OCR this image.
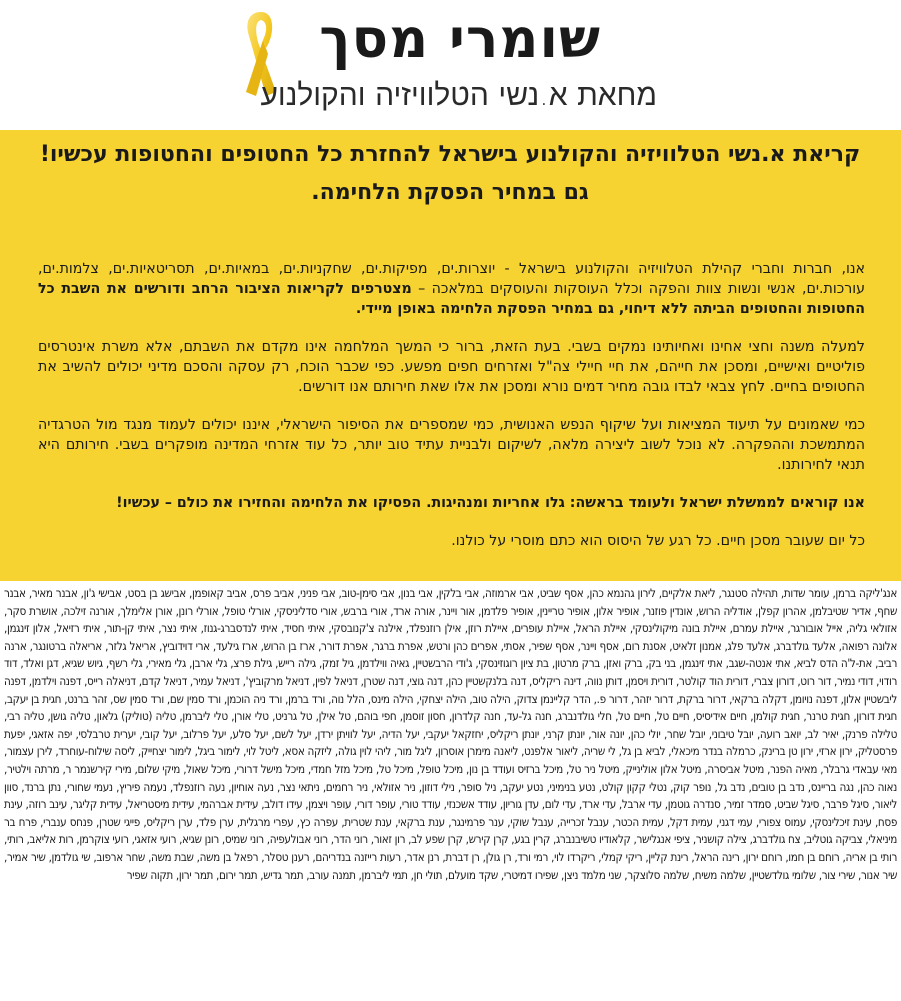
שומרי מסך
מחאת א.נשי הטלוויזיה והקולנוע
קריאת א.נשי הטלוויזיה והקולנוע בישראל להחזרת כל החטופים והחטופות עכשיו!
גם במחיר הפסקת הלחימה.

אנו, חברות וחברי קהילת הטלוויזיה והקולנוע בישראל - יוצרות.ים, מפיקות.ים, שחקניות.ים, במאיות.ים, תסריטאיות.ים, צלמות.ים, עורכות.ים, אנשי ונשות צוות והפקה וכלל העוסקות והעוסקים במלאכה – מצטרפים לקריאות הציבור הרחב ודורשים את השבת כל החטופות והחטופים הביתה ללא דיחוי, גם במחיר הפסקת הלחימה באופן מיידי.

למעלה משנה וחצי אחינו ואחיותינו נמקים בשבי. בעת הזאת, ברור כי המשך המלחמה אינו מקדם את השבתם, אלא משרת אינטרסים פוליטיים ואישיים, ומסכן את חייהם, את חיי חיילי צה"ל ואזרחים חפים מפשע. כפי שכבר הוכח, רק עסקה והסכם מדיני יכולים להשיב את החטופים בחיים. לחץ צבאי לבדו גובה מחיר דמים נורא ומסכן את אלו שאת חירותם אנו דורשים.

כמי שאמונים על תיעוד המציאות ועל שיקוף הנפש האנושית, כמי שמספרים את הסיפור הישראלי, איננו יכולים לעמוד מנגד מול הטרגדיה המתמשכת וההפקרה. לא נוכל לשוב ליצירה מלאה, לשיקום ולבניית עתיד טוב יותר, כל עוד אזרחי המדינה מופקרים בשבי. חירותם היא תנאי לחירותנו.

אנו קוראים לממשלת ישראל ולעומד בראשה: גלו אחריות ומנהיגות. הפסיקו את הלחימה והחזירו את כולם – עכשיו!

כל יום שעובר מסכן חיים. כל רגע של היסוס הוא כתם מוסרי על כולנו.

אנג'ליקה ברמן, עומר שדות, תהילה סטנגר, ליאת אלקיים, לירון גהנמא כהן, אסף שביט, אבי ארמוזה, אבי בלקין, אבי בנון, אבי סימן-טוב, אבי פניני, אביב פרס, אביב קאופמן, אבישג בן בסט, אבישי ג'ון, אבנר מאיר, אבנר שחף, אדיר שטיבלמן, אהרון קפלן, אודליה הרוש, אונדין פוזנר, אופיר אלון, אופיר טריינין, אופיר פלדמן, אור ויינר, אורה ארד, אורי ברבש, אורי סדליניסקי, אורלי טופל, אורלי רונן, אורן אלימלך, אורנה זילכה, אושרת סקר, אזולאי גליה, אייל אובורגר, איילת עמרם, איילת בונה מיקולינסקי, איילת הראל, איילת עופרים, איילת רוזן, אילן רוזנפלד, אילנה צ'קנובסקי, איתי חסיד, איתי לנדסברג-גנוז, איתי נצר, איתי קן-תור, איתי רזיאל, אלון זינגמן, אלונה רפואה, אלעד גולדברג, אלעד פלג, אמנון זלאיט, אסנת רום, אסף ויינר, אסף שפיר, אסתי, אפרים כהן ורטש, אפרת ברגר, אפרת דורר, ארז בן הרוש, ארז גילעד, ארי דוידוביץ, אריאל גלזר, אריאלה ברטונגר, ארנה רביב, את-ל'ה הדס לביא, אתי אנטה-שגב, אתי זינגמן, בני בק, ברק ואזן, ברק מרטון, בת ציון רוגוזינסקי, ג'ודי הרבשטיין, גאיה ווילדמן, גיל זמק, גילה רייש, גילת פרצ, גלי ארבן, גלי מאירי, גלי רשף, גיוש שגיא, דגן ואלד, דוד רודוי, דודי נמיר, דור רוט, דורון צברי, דורית הוד קולטר, דורית ויסמן, דותן נווה, דינה ריקליס, דנה בלנקשטיין כהן, דנה גוצי, דנה שטרן, דניאל לפין, דניאל מרקוביץ', דניאל עמיר, דניאל קדם, דניאלה רייס, דפנה וילדמן, דפנה ליבשטיין אלון, דפנה נויומן, דקלה ברקאי, דרור ברקת, דרור יזהר, דרור פ., הדר קליינמן צדוק, הילה טוב, הילה יצחקי, הילה מינס, הלל נוה, ורד ברמן, ורד ניה הוכמן, ורד סמין שם, ורד סמין שס, זהר ברנט, חגית בן יעקב, חגית דורון, חגית טרנר, חגית קולמן, חיים אידיסיס, חיים טל, חיים טל, חלי גולדנברג, חנה גל-עד, חנה קלדרון, חסון זוסמן, חפי בוהם, טל אילן, טל גרניט, טלי אורן, טלי ליברמן, טליה (טוליק) גלאון, טליה גושן, טליה רבי, טלילה פרנק, יאיר לב, יואב רועה, יובל טיבוני, יובל שחר, יולי כהן, יונה אור, יונתן קרני, יונתן ריקליס, יחזקאל יעקבי, יעל הדיה, יעל לוויתן ירדן, יעל לשם, יעל סלע, יעל פרלוב, יעל קובי, יערית טרבלסי, יפה אזאגי, יפעת פרסטליק, ירון ארזי, ירון טן ברינק, כרמלה בנדר מיכאלי, לביא בן גל, לי שריה, ליאור אלפנט, ליאנה מימרן אוסרון, ליגל מור, ליהי לוין גולה, ליזקה אסא, ליטל לוי, לימור ביגל, לימור יצחייק, ליסה שילוח-עוחרד, לירן עצמור, מאי עבאדי גרבלר, מאיה הפנר, מיטל אביסרה, מיטל אלון אולינייק, מיטל ניר טל, מיכל ברזיס ועודד בן נון, מיכל טופל, מיכל טל, מיכל מזל חמדי, מיכל מישל דרורי, מיכל שאול, מיקי שלום, מירי קירשנמר ר, מרתה וילטיר, נאוה כהן, נגה בריינס, נדב בן טובים, נדב גל, נופר קוק, נטלי קקון קולט, נטע בנימיני, נטע יעקב, ניל סופר, נילי דוזון, ניר אזולאי, ניר רחמים, ניתאי נצר, נעה אוחיון, נעה רוזנפלד, נעמה פיריץ, נעמי שחורי, נתן ברנד, סוון ליאור, סיגל פרבר, סיגל שביט, סמדר זמיר, סנדרה גוטמן, עדי ארבל, עדי ארד, עדי לום, עדן גוריון, עודד אשכנזי, עודד טורי, עופר דורי, עופר ויצמן, עידו דולב, עידית אברהמי, עידית מיסטריאל, עידית קליגר, עינב רוזה, עינת פסח, עינת זיכלינסקי, עמוס צפורי, עמי דגני, עמית דקל, עמית הכטר, ענבל זכרייה, ענבל שוקי, ענר פרמינגר, ענת ברקאי, ענת שטרית, עפרה כץ, עפרי מרגלית, ערן פלד, ערן ריקליס, פייגי שטרן, פנחס ענברי, פרח בר מיניאלי, צביקה גוטליב, צח גולדברג, צילה קושניר, ציפי אנגלישר, קלאודיו טשיבנברג, קרין בגע, קרן קירש, קרן שפע לב, רון זאור, רוני הדר, רוני אבולעפיה, רוני שמיס, רונן שגיא, רועי אזאגי, רועי צוקרמן, רות אליאב, רותי, רותי בן אריה, רוחם בן חמו, רוחם ירון, רינה הראל, רינת קליין, ריקי קמלי, ריקרדו לוי, רמי ורד, רן גולן, רן דברת, רנן אדר, רעות רייזנה בנדריהם, רענן טסלר, רפאל בן משה, שבת משה, שחר ארפוב, שי גולדמן, שיר אמיר, שיר אנור, שירי צור, שלומי גולדשטיין, שלמה משיח, שלמה סלוצקר, שני מלמד ניצן, שפירו דמיטרי, שקד מועלם, תולי חן, תמי ליברמן, תמנה עורב, תמר גדיש, תמר ירום, תמר ירון, תקוה שפיר
